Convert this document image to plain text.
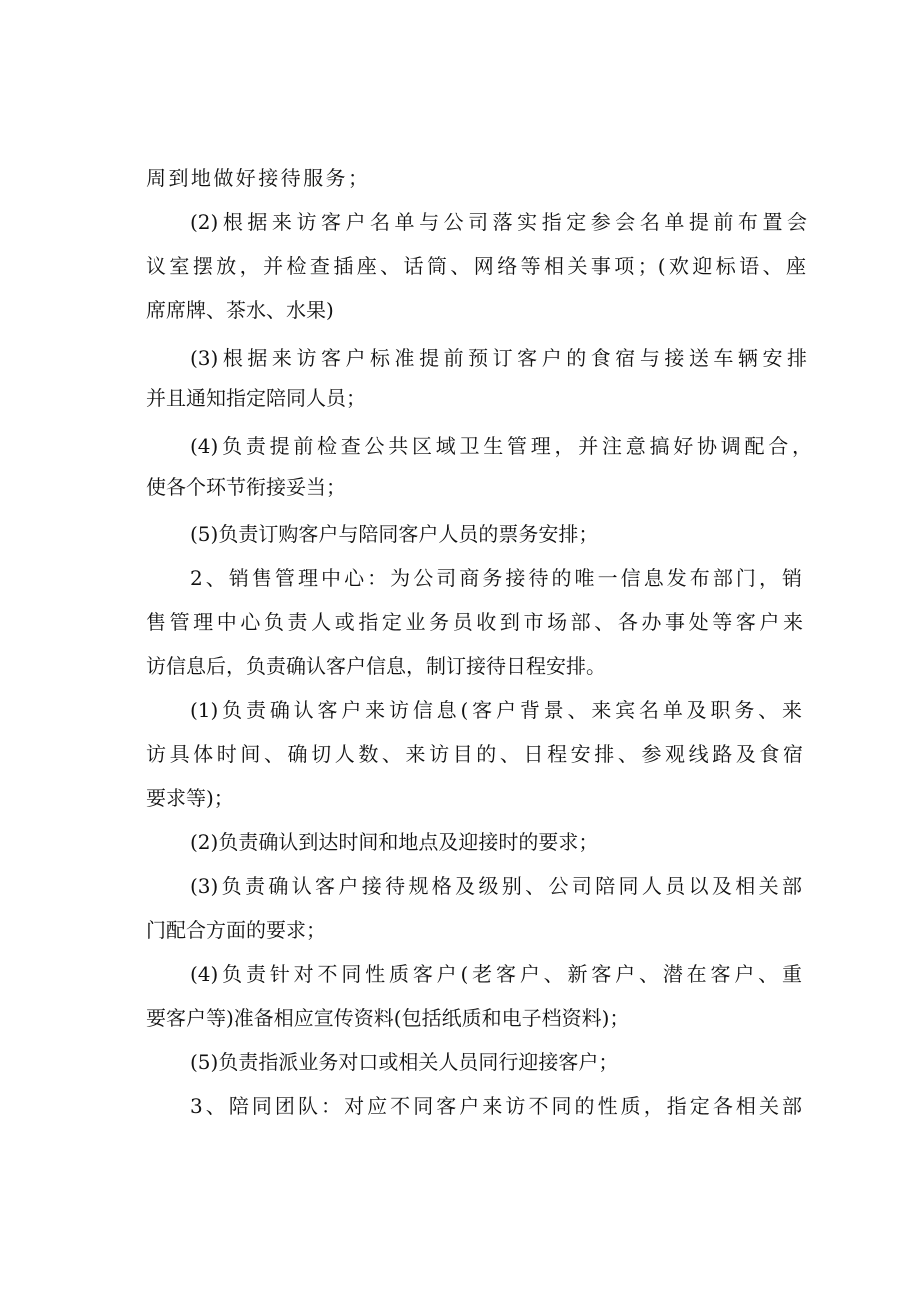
周到地做好接待服务；
(2)根据来访客户名单与公司落实指定参会名单提前布置会
议室摆放，并检查插座、话筒、网络等相关事项；(欢迎标语、座
席席牌、茶水、水果)
(3)根据来访客户标准提前预订客户的食宿与接送车辆安排
并且通知指定陪同人员；
(4)负责提前检查公共区域卫生管理，并注意搞好协调配合，
使各个环节衔接妥当；
(5)负责订购客户与陪同客户人员的票务安排；
2、销售管理中心：为公司商务接待的唯一信息发布部门，销
售管理中心负责人或指定业务员收到市场部、各办事处等客户来
访信息后，负责确认客户信息，制订接待日程安排。
(1)负责确认客户来访信息(客户背景、来宾名单及职务、来
访具体时间、确切人数、来访目的、日程安排、参观线路及食宿
要求等)；
(2)负责确认到达时间和地点及迎接时的要求；
(3)负责确认客户接待规格及级别、公司陪同人员以及相关部
门配合方面的要求；
(4)负责针对不同性质客户(老客户、新客户、潜在客户、重
要客户等)准备相应宣传资料(包括纸质和电子档资料)；
(5)负责指派业务对口或相关人员同行迎接客户；
3、陪同团队：对应不同客户来访不同的性质，指定各相关部
